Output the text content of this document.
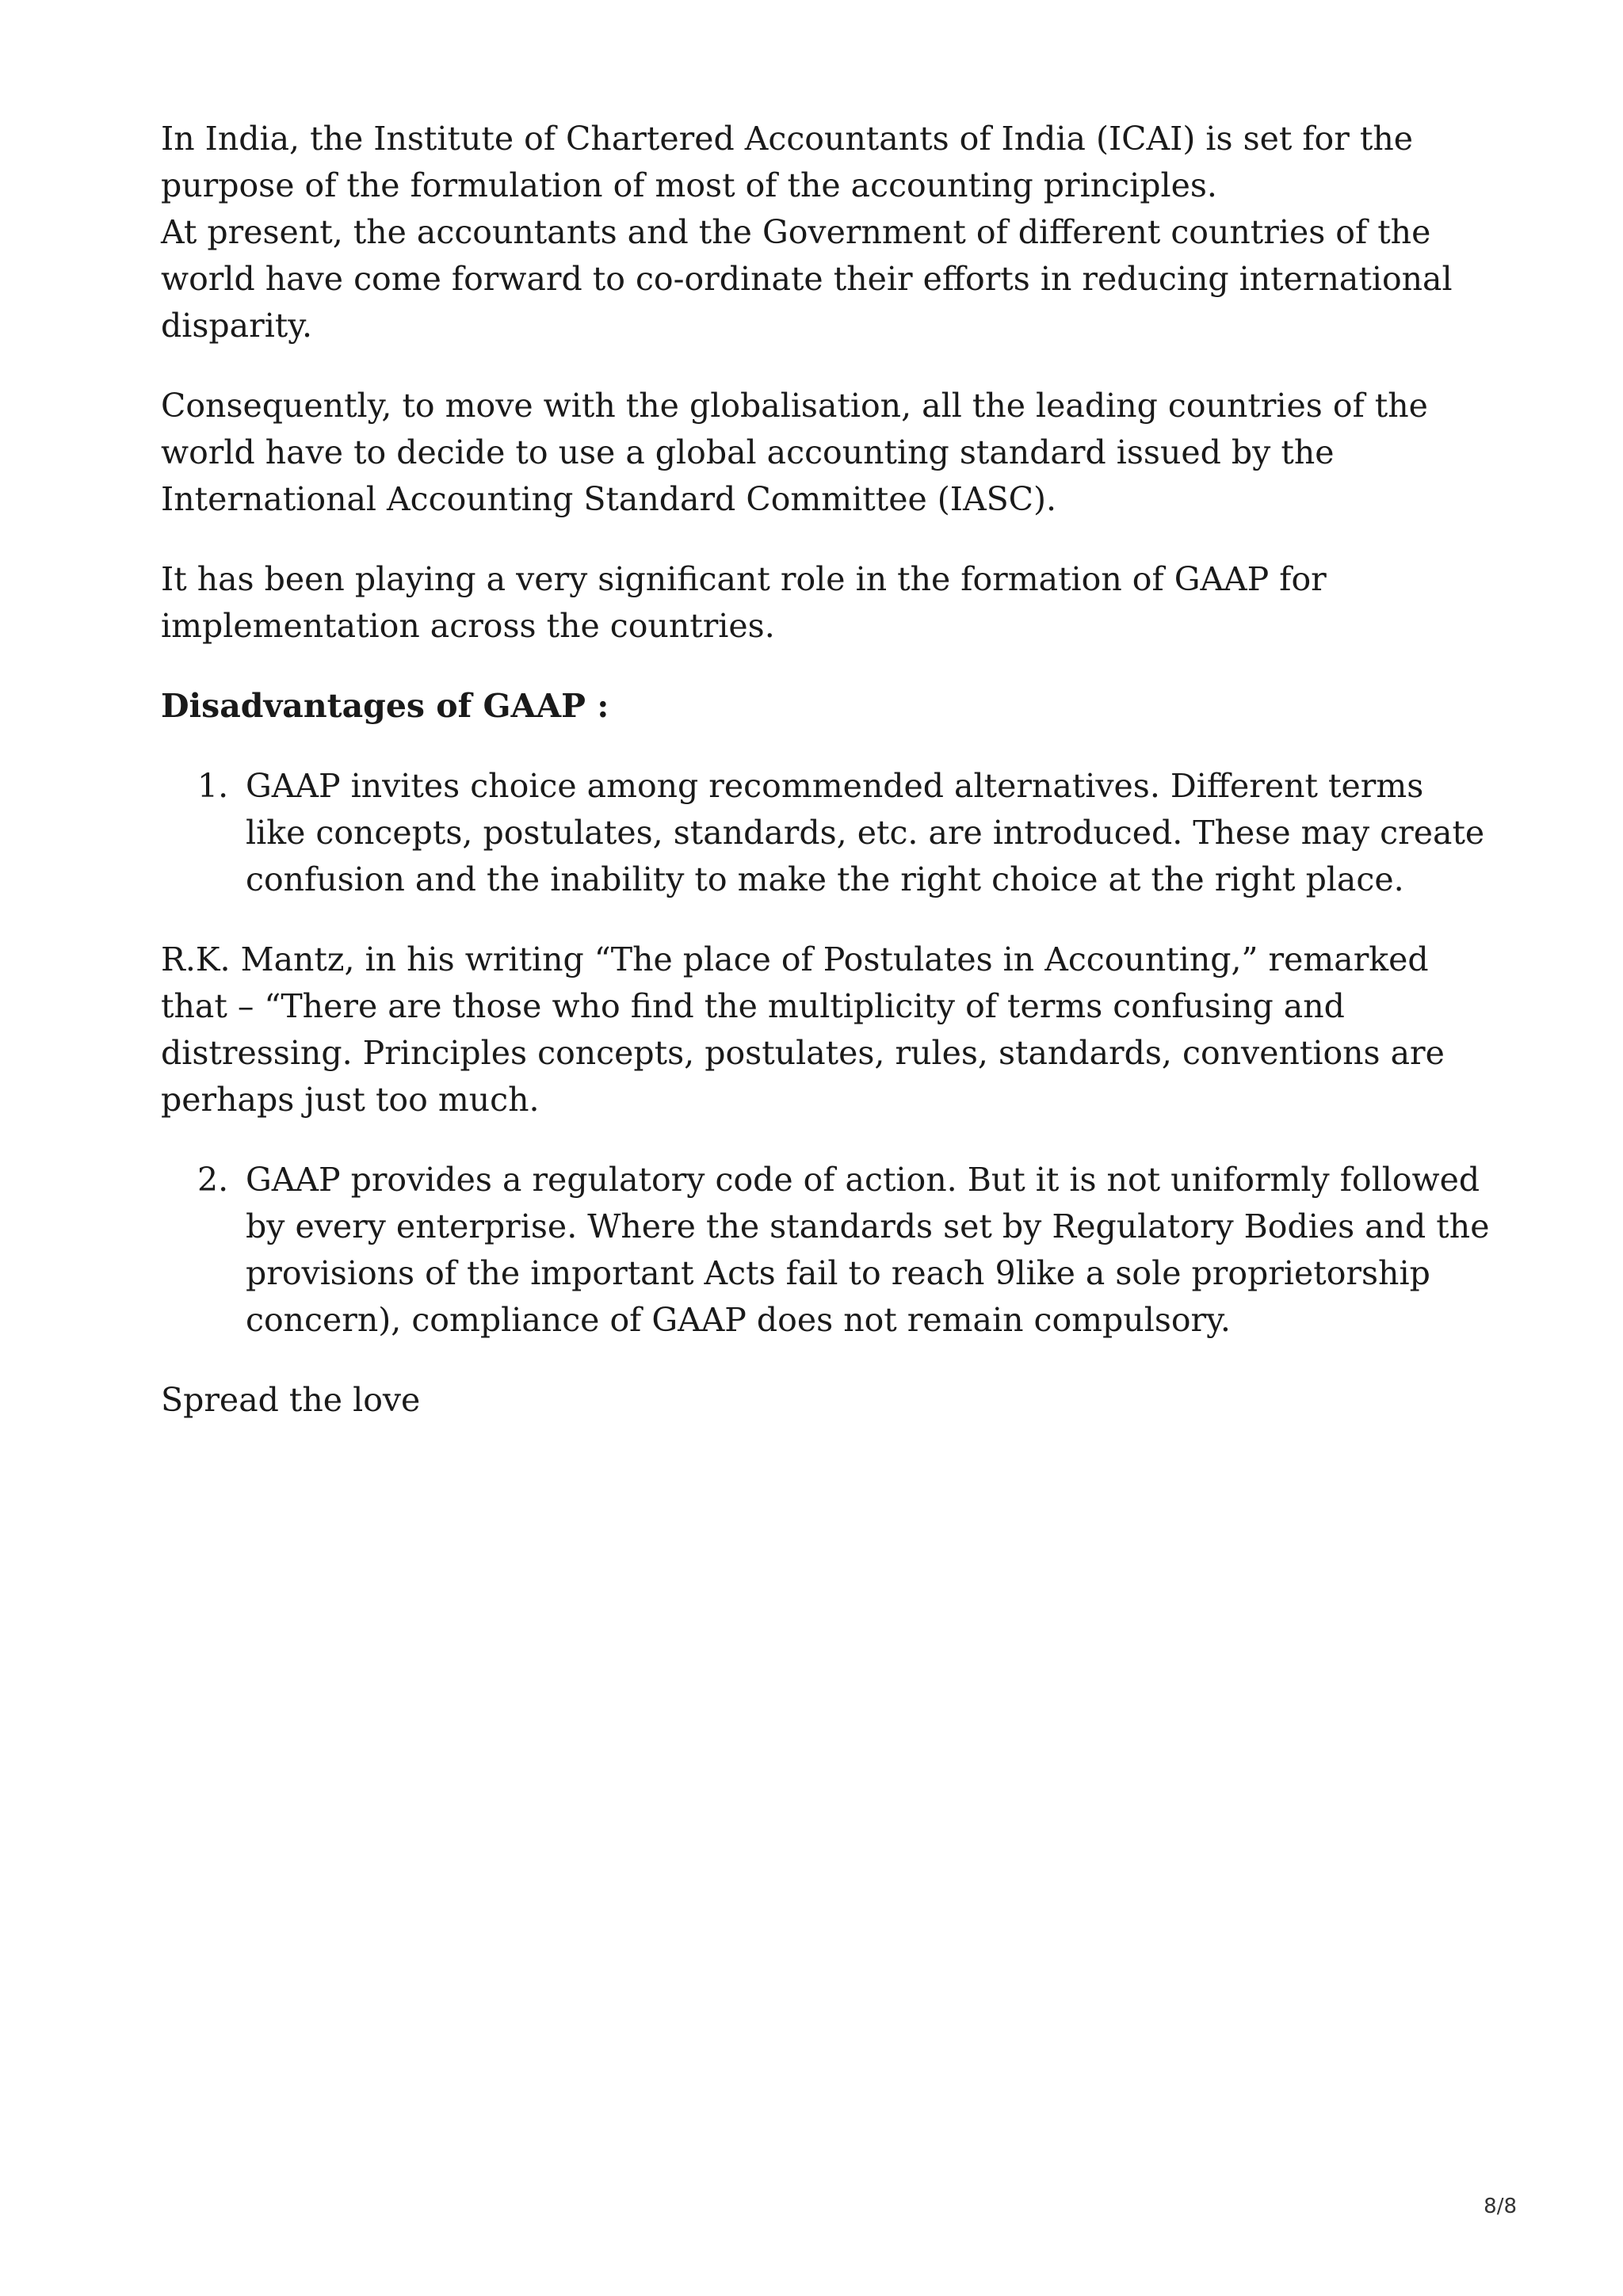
In India, the Institute of Chartered Accountants of India (ICAI) is set for the purpose of the formulation of most of the accounting principles.

At present, the accountants and the Government of different countries of the world have come forward to co-ordinate their efforts in reducing international disparity.

Consequently, to move with the globalisation, all the leading countries of the world have to decide to use a global accounting standard issued by the International Accounting Standard Committee (IASC).

It has been playing a very significant role in the formation of GAAP for implementation across the countries.

Disadvantages of GAAP :

1. GAAP invites choice among recommended alternatives. Different terms like concepts, postulates, standards, etc. are introduced. These may create confusion and the inability to make the right choice at the right place.

R.K. Mantz, in his writing “The place of Postulates in Accounting,” remarked that – “There are those who find the multiplicity of terms confusing and distressing. Principles concepts, postulates, rules, standards, conventions are perhaps just too much.

2. GAAP provides a regulatory code of action. But it is not uniformly followed by every enterprise. Where the standards set by Regulatory Bodies and the provisions of the important Acts fail to reach 9like a sole proprietorship concern), compliance of GAAP does not remain compulsory.

Spread the love

8/8
